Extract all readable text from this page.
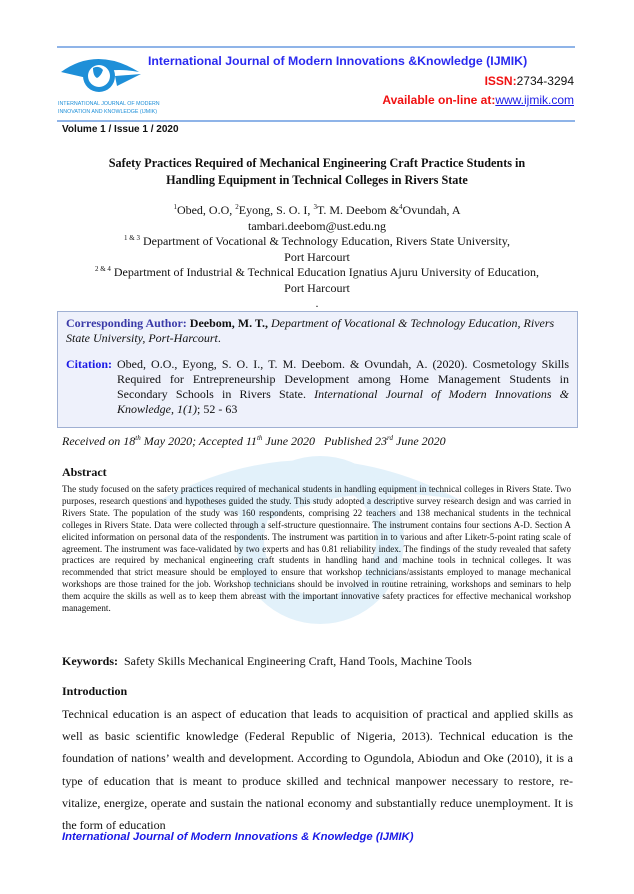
INTERNATIONAL JOURNAL OF MODERN
INNOVATION AND KNOWLEDGE (IJMIK)
International Journal of Modern Innovations &Knowledge (IJMIK)
ISSN:2734-3294
Available on-line at:www.ijmik.com
Volume 1 / Issue 1 / 2020
Safety Practices Required of Mechanical Engineering Craft Practice Students in
Handling Equipment in Technical Colleges in Rivers State
$^1$Obed, O.O, $^2$Eyong, S. O. I, $^3$T. M. Deebom &$^4$Ovundah, A
tambari.deebom@ust.edu.ng
$^{1 \& 3}$ Department of Vocational & Technology Education, Rivers State University,
Port Harcourt
$^{2 \& 4}$ Department of Industrial & Technical Education Ignatius Ajuru University of Education,
Port Harcourt
.
Corresponding Author: Deebom, M. T., Department of Vocational & Technology Education, Rivers State University, Port-Harcourt.
Citation: Obed, O.O., Eyong, S. O. I., T. M. Deebom. & Ovundah, A. (2020). Cosmetology Skills Required for Entrepreneurship Development among Home Management Students in Secondary Schools in Rivers State. International Journal of Modern Innovations & Knowledge, 1(1); 52 - 63
Received on 18th May 2020; Accepted 11th June 2020   Published 23rd June 2020
Abstract
The study focused on the safety practices required of mechanical students in handling equipment in technical colleges in Rivers State. Two purposes, research questions and hypotheses guided the study. This study adopted a descriptive survey research design and was carried in Rivers State. The population of the study was 160 respondents, comprising 22 teachers and 138 mechanical students in the technical colleges in Rivers State. Data were collected through a self-structure questionnaire. The instrument contains four sections A-D. Section A elicited information on personal data of the respondents. The instrument was partition in to various and after Liketr-5-point rating scale of agreement. The instrument was face-validated by two experts and has 0.81 reliability index. The findings of the study revealed that safety practices are required by mechanical engineering craft students in handling hand and machine tools in technical colleges. It was recommended that strict measure should be employed to ensure that workshop technicians/assistants employed to manage mechanical workshops are those trained for the job. Workshop technicians should be involved in routine retraining, workshops and seminars to help them acquire the skills as well as to keep them abreast with the important innovative safety practices for effective mechanical workshop management.
Keywords:  Safety Skills Mechanical Engineering Craft, Hand Tools, Machine Tools
Introduction
Technical education is an aspect of education that leads to acquisition of practical and applied skills as well as basic scientific knowledge (Federal Republic of Nigeria, 2013). Technical education is the foundation of nations’ wealth and development. According to Ogundola, Abiodun and Oke (2010), it is a type of education that is meant to produce skilled and technical manpower necessary to restore, re-vitalize, energize, operate and sustain the national economy and substantially reduce unemployment. It is the form of education
International Journal of Modern Innovations & Knowledge (IJMIK)
